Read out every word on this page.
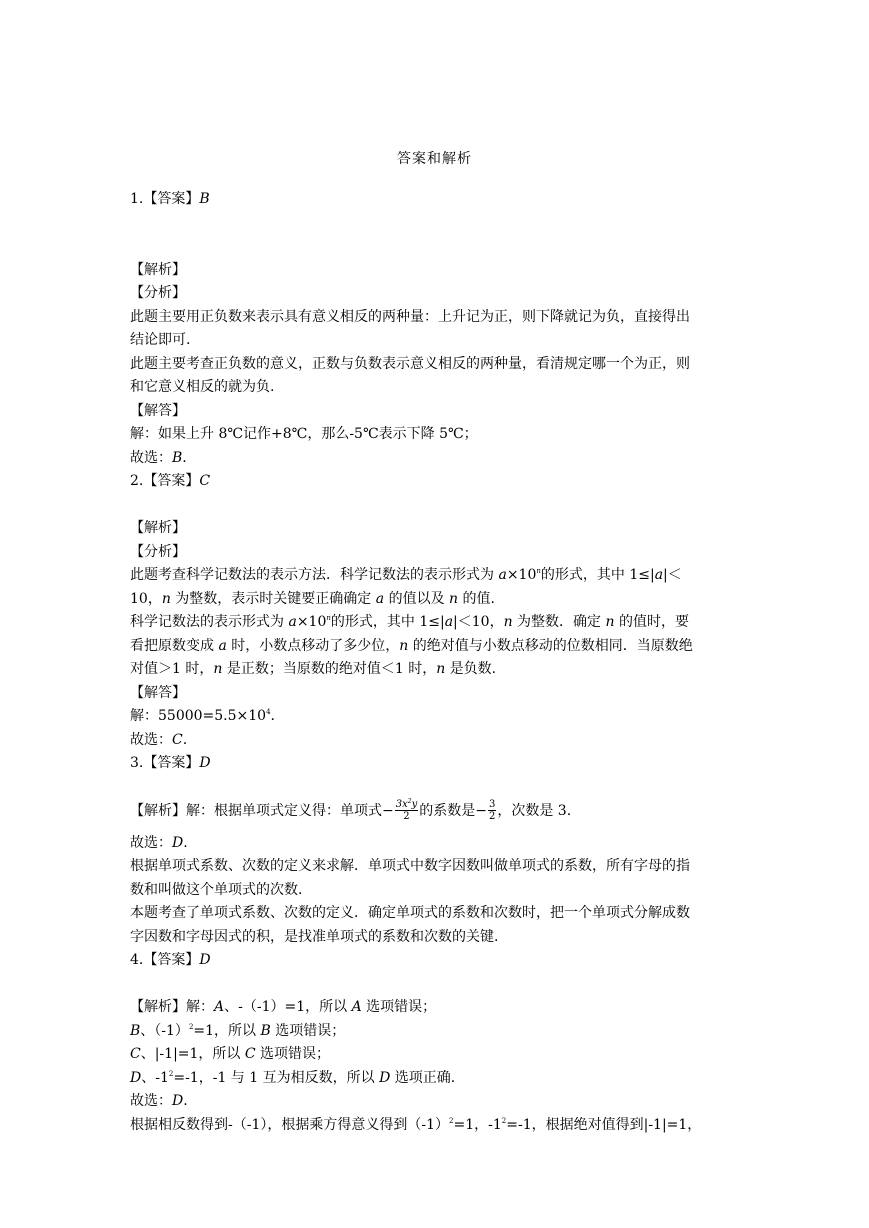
答案和解析
1.【答案】B
【解析】
【分析】
此题主要用正负数来表示具有意义相反的两种量：上升记为正，则下降就记为负，直接得出
结论即可.
此题主要考查正负数的意义，正数与负数表示意义相反的两种量，看清规定哪一个为正，则
和它意义相反的就为负.
【解答】
解：如果上升 8℃记作+8℃，那么-5℃表示下降 5℃；
故选：B.
2.【答案】C
【解析】
【分析】
此题考查科学记数法的表示方法．科学记数法的表示形式为 $a\times 10^n$的形式，其中 1≤|a|＜
10，n 为整数，表示时关键要正确确定 a 的值以及 n 的值.
科学记数法的表示形式为 $a\times 10^n$的形式，其中 1≤|a|＜10，n 为整数．确定 n 的值时，要
看把原数变成 a 时，小数点移动了多少位，n 的绝对值与小数点移动的位数相同．当原数绝
对值＞1 时，n 是正数；当原数的绝对值＜1 时，n 是负数.
【解答】
解：$55000=5.5\times 10^4$.
故选：C.
3.【答案】D
【解析】解：根据单项式定义得：单项式− $\frac{3x^2y}{2}$ 的系数是− $\frac{3}{2}$ ，次数是 3.
故选：D.
根据单项式系数、次数的定义来求解．单项式中数字因数叫做单项式的系数，所有字母的指
数和叫做这个单项式的次数.
本题考查了单项式系数、次数的定义．确定单项式的系数和次数时，把一个单项式分解成数
字因数和字母因式的积，是找准单项式的系数和次数的关键.
4.【答案】D
【解析】解：A、-（-1）=1，所以 A 选项错误；
B、$(-1)^2=1$，所以 B 选项错误；
C、|-1|=1，所以 C 选项错误；
D、$-1^2=-1$，-1 与 1 互为相反数，所以 D 选项正确.
故选：D.
根据相反数得到-（-1），根据乘方得意义得到$(-1)^2=1$，$-1^2=-1$，根据绝对值得到|-1|=1，
